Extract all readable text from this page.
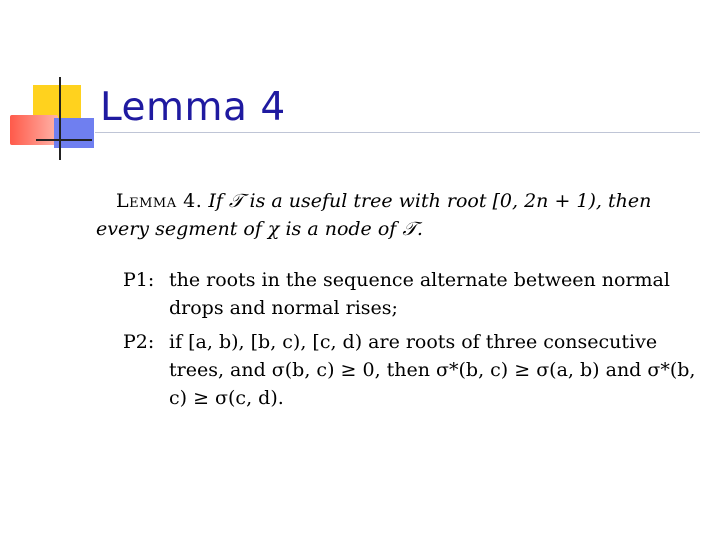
Lemma 4
Lemma 4. If 𝒯 is a useful tree with root [0, 2n + 1), then every segment of χ is a node of 𝒯.
P1: the roots in the sequence alternate between normal drops and normal rises;
P2: if [a, b), [b, c), [c, d) are roots of three consecutive trees, and σ(b, c) ≥ 0, then σ*(b, c) ≥ σ(a, b) and σ*(b, c) ≥ σ(c, d).
